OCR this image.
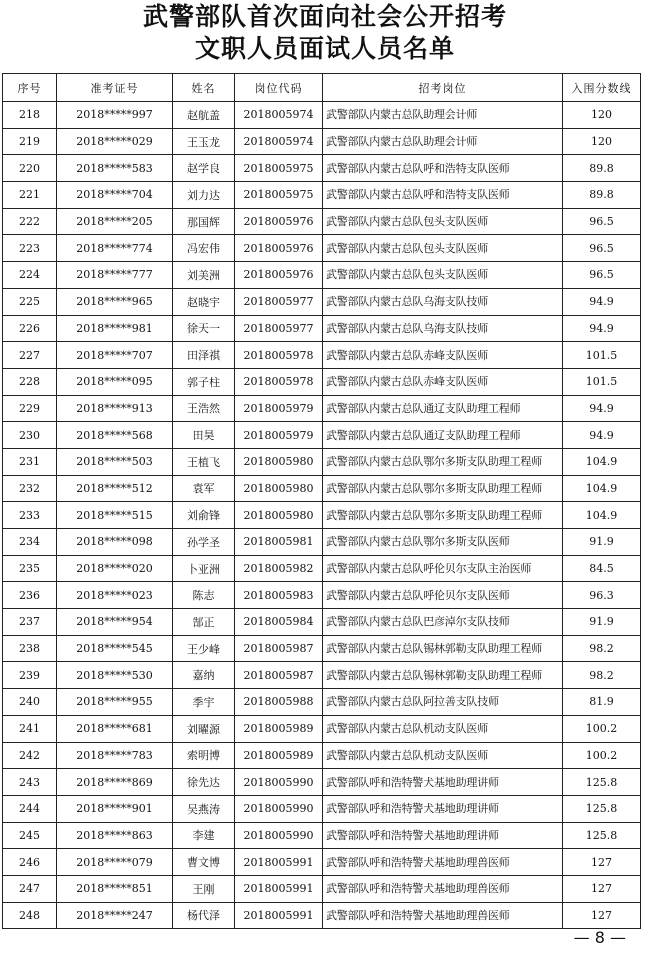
武警部队首次面向社会公开招考
文职人员面试人员名单
序号	准考证号	姓名	岗位代码	招考岗位	入围分数线
218	2018*****997	赵航盖	2018005974	武警部队内蒙古总队助理会计师	120
219	2018*****029	王玉龙	2018005974	武警部队内蒙古总队助理会计师	120
220	2018*****583	赵学良	2018005975	武警部队内蒙古总队呼和浩特支队医师	89.8
221	2018*****704	刘力达	2018005975	武警部队内蒙古总队呼和浩特支队医师	89.8
222	2018*****205	那国辉	2018005976	武警部队内蒙古总队包头支队医师	96.5
223	2018*****774	冯宏伟	2018005976	武警部队内蒙古总队包头支队医师	96.5
224	2018*****777	刘美洲	2018005976	武警部队内蒙古总队包头支队医师	96.5
225	2018*****965	赵晓宇	2018005977	武警部队内蒙古总队乌海支队技师	94.9
226	2018*****981	徐天一	2018005977	武警部队内蒙古总队乌海支队技师	94.9
227	2018*****707	田泽祺	2018005978	武警部队内蒙古总队赤峰支队医师	101.5
228	2018*****095	郭子柱	2018005978	武警部队内蒙古总队赤峰支队医师	101.5
229	2018*****913	王浩然	2018005979	武警部队内蒙古总队通辽支队助理工程师	94.9
230	2018*****568	田昊	2018005979	武警部队内蒙古总队通辽支队助理工程师	94.9
231	2018*****503	王植飞	2018005980	武警部队内蒙古总队鄂尔多斯支队助理工程师	104.9
232	2018*****512	袁军	2018005980	武警部队内蒙古总队鄂尔多斯支队助理工程师	104.9
233	2018*****515	刘俞锋	2018005980	武警部队内蒙古总队鄂尔多斯支队助理工程师	104.9
234	2018*****098	孙学圣	2018005981	武警部队内蒙古总队鄂尔多斯支队医师	91.9
235	2018*****020	卜亚洲	2018005982	武警部队内蒙古总队呼伦贝尔支队主治医师	84.5
236	2018*****023	陈志	2018005983	武警部队内蒙古总队呼伦贝尔支队医师	96.3
237	2018*****954	郜正	2018005984	武警部队内蒙古总队巴彦淖尔支队技师	91.9
238	2018*****545	王少峰	2018005987	武警部队内蒙古总队锡林郭勒支队助理工程师	98.2
239	2018*****530	嘉纳	2018005987	武警部队内蒙古总队锡林郭勒支队助理工程师	98.2
240	2018*****955	季宇	2018005988	武警部队内蒙古总队阿拉善支队技师	81.9
241	2018*****681	刘曜源	2018005989	武警部队内蒙古总队机动支队医师	100.2
242	2018*****783	索明博	2018005989	武警部队内蒙古总队机动支队医师	100.2
243	2018*****869	徐先达	2018005990	武警部队呼和浩特警犬基地助理讲师	125.8
244	2018*****901	吴燕涛	2018005990	武警部队呼和浩特警犬基地助理讲师	125.8
245	2018*****863	李建	2018005990	武警部队呼和浩特警犬基地助理讲师	125.8
246	2018*****079	曹文博	2018005991	武警部队呼和浩特警犬基地助理兽医师	127
247	2018*****851	王刚	2018005991	武警部队呼和浩特警犬基地助理兽医师	127
248	2018*****247	杨代泽	2018005991	武警部队呼和浩特警犬基地助理兽医师	127
— 8 —
